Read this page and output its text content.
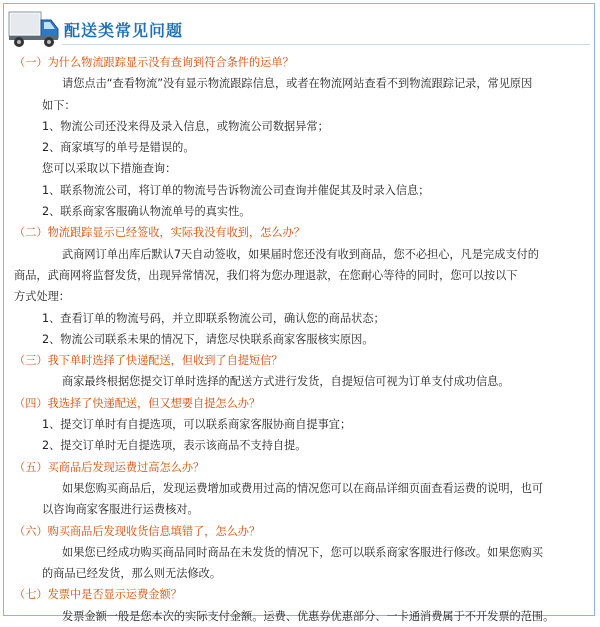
配送类常见问题

（一）为什么物流跟踪显示没有查询到符合条件的运单？

请您点击“查看物流”没有显示物流跟踪信息，或者在物流网站查看不到物流跟踪记录，常见原因

如下：

1、物流公司还没来得及录入信息，或物流公司数据异常；

2、商家填写的单号是错误的。

您可以采取以下措施查询：

1、联系物流公司，将订单的物流号告诉物流公司查询并催促其及时录入信息；

2、联系商家客服确认物流单号的真实性。

（二）物流跟踪显示已经签收，实际我没有收到，怎么办？

武商网订单出库后默认7天自动签收，如果届时您还没有收到商品，您不必担心，凡是完成支付的

商品，武商网将监督发货，出现异常情况，我们将为您办理退款，在您耐心等待的同时，您可以按以下

方式处理：

1、查看订单的物流号码，并立即联系物流公司，确认您的商品状态；

2、物流公司联系未果的情况下，请您尽快联系商家客服核实原因。

（三）我下单时选择了快递配送，但收到了自提短信？

商家最终根据您提交订单时选择的配送方式进行发货，自提短信可视为订单支付成功信息。

（四）我选择了快递配送，但又想要自提怎么办？

1、提交订单时有自提选项，可以联系商家客服协商自提事宜；

2、提交订单时无自提选项，表示该商品不支持自提。

（五）买商品后发现运费过高怎么办？

如果您购买商品后，发现运费增加或费用过高的情况您可以在商品详细页面查看运费的说明，也可

以咨询商家客服进行运费核对。

（六）购买商品后发现收货信息填错了，怎么办？

如果您已经成功购买商品同时商品在未发货的情况下，您可以联系商家客服进行修改。如果您购买

的商品已经发货，那么则无法修改。

（七）发票中是否显示运费金额？

发票金额一般是您本次的实际支付金额。运费、优惠券优惠部分、一卡通消费属于不开发票的范围。
